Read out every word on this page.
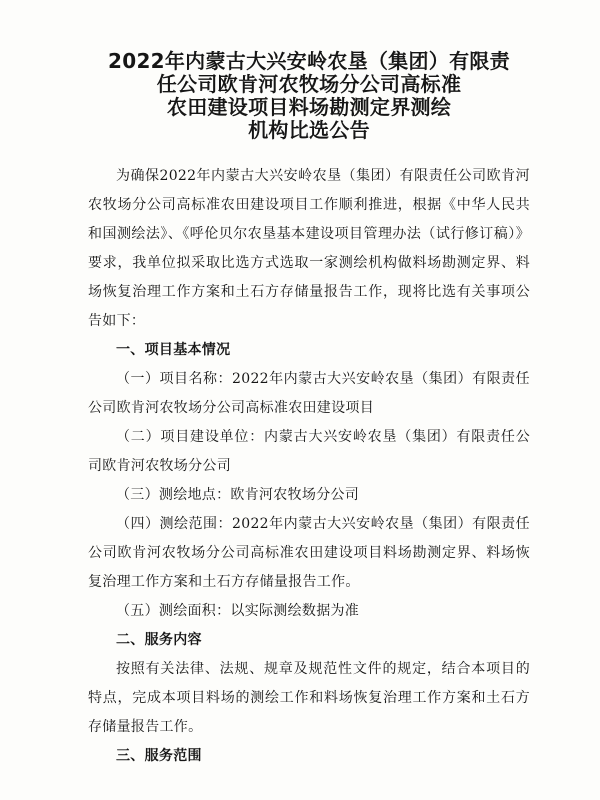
2022年内蒙古大兴安岭农垦（集团）有限责
任公司欧肯河农牧场分公司高标准
农田建设项目料场勘测定界测绘
机构比选公告

为确保2022年内蒙古大兴安岭农垦（集团）有限责任公司欧肯河农牧场分公司高标准农田建设项目工作顺利推进，根据《中华人民共和国测绘法》、《呼伦贝尔农垦基本建设项目管理办法（试行修订稿）》要求，我单位拟采取比选方式选取一家测绘机构做料场勘测定界、料场恢复治理工作方案和土石方存储量报告工作，现将比选有关事项公告如下：

一、项目基本情况

（一）项目名称：2022年内蒙古大兴安岭农垦（集团）有限责任公司欧肯河农牧场分公司高标准农田建设项目

（二）项目建设单位：内蒙古大兴安岭农垦（集团）有限责任公司欧肯河农牧场分公司

（三）测绘地点：欧肯河农牧场分公司

（四）测绘范围：2022年内蒙古大兴安岭农垦（集团）有限责任公司欧肯河农牧场分公司高标准农田建设项目料场勘测定界、料场恢复治理工作方案和土石方存储量报告工作。

（五）测绘面积：以实际测绘数据为准

二、服务内容

按照有关法律、法规、规章及规范性文件的规定，结合本项目的特点，完成本项目料场的测绘工作和料场恢复治理工作方案和土石方存储量报告工作。

三、服务范围
